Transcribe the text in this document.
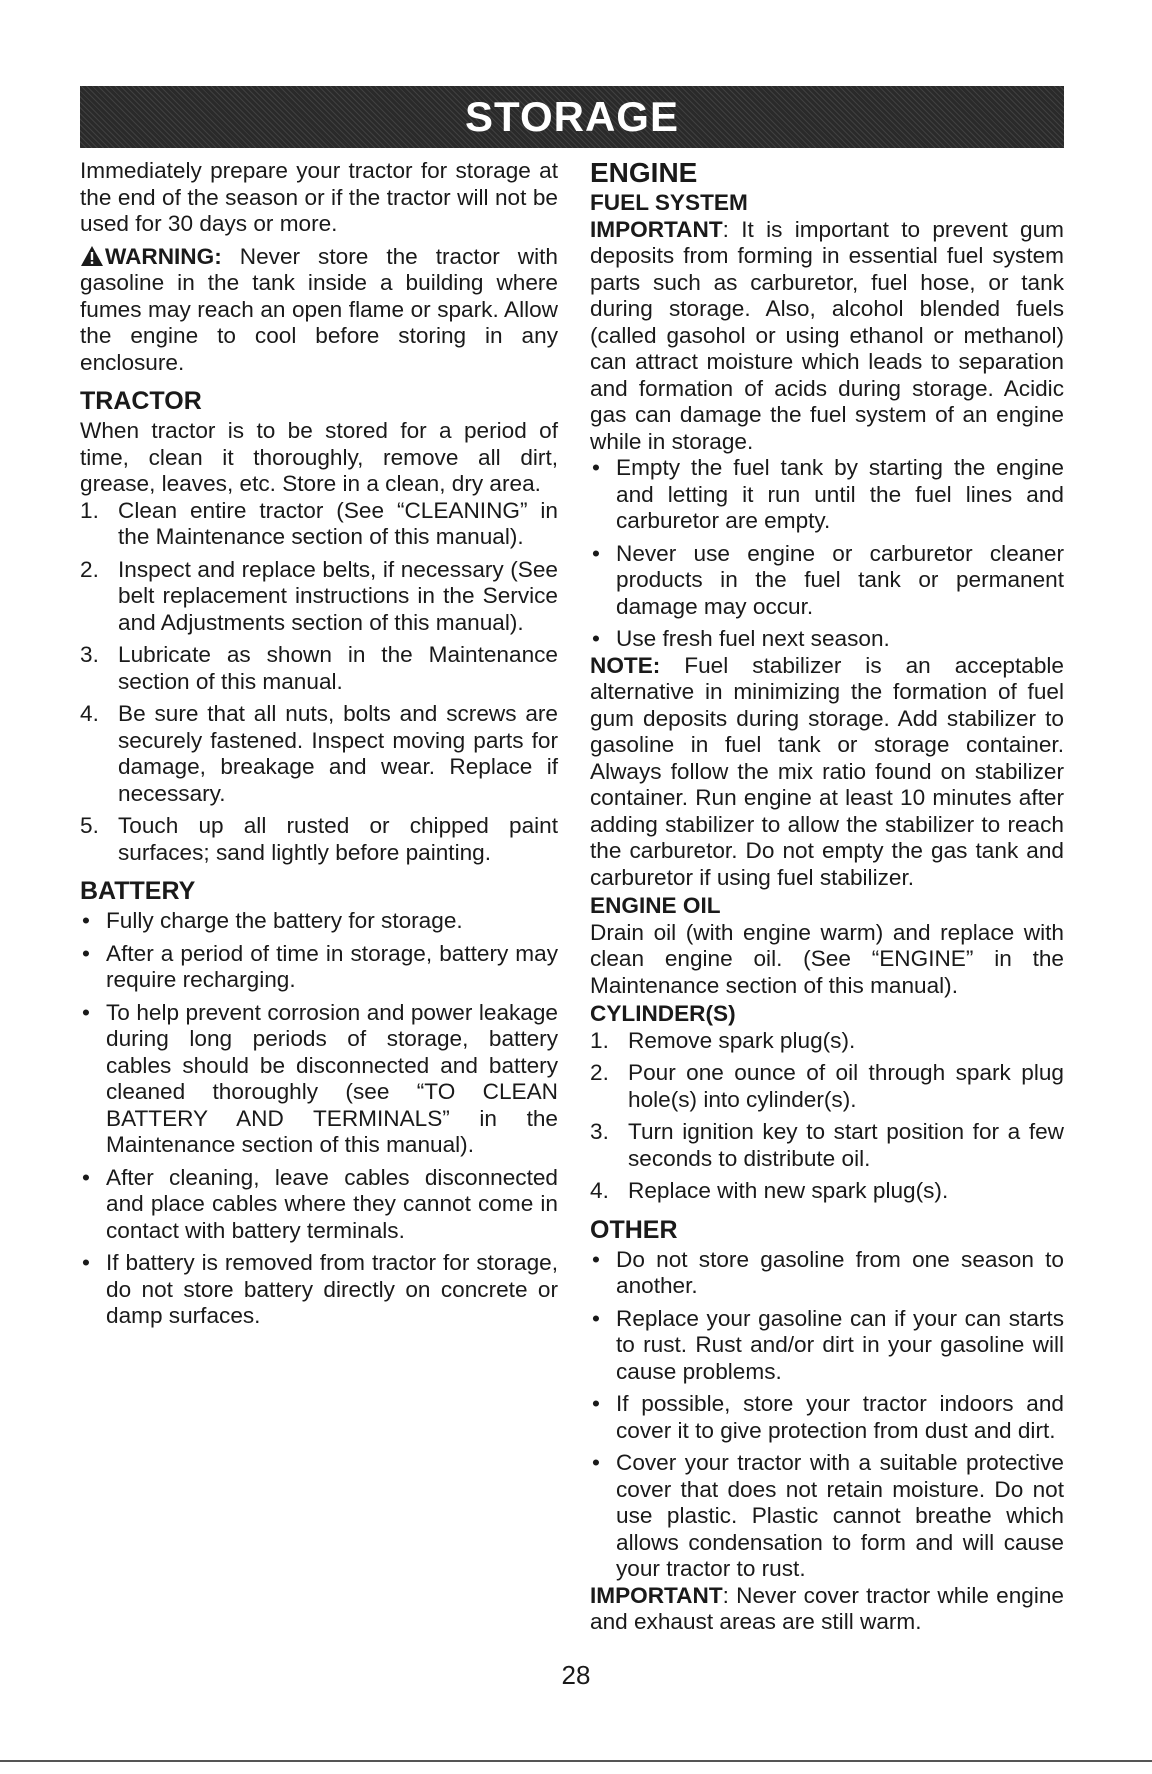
STORAGE

Immediately prepare your tractor for storage at the end of the season or if the tractor will not be used for 30 days or more.

WARNING: Never store the tractor with gasoline in the tank inside a building where fumes may reach an open flame or spark. Allow the engine to cool before storing in any enclosure.

TRACTOR

When tractor is to be stored for a period of time, clean it thoroughly, remove all dirt, grease, leaves, etc. Store in a clean, dry area.

1. Clean entire tractor (See “CLEANING” in the Maintenance section of this manual).
2. Inspect and replace belts, if necessary (See belt replacement instructions in the Service and Adjustments section of this manual).
3. Lubricate as shown in the Maintenance section of this manual.
4. Be sure that all nuts, bolts and screws are securely fastened. Inspect moving parts for damage, breakage and wear. Replace if necessary.
5. Touch up all rusted or chipped paint surfaces; sand lightly before painting.
BATTERY
• Fully charge the battery for storage.
• After a period of time in storage, battery may require recharging.
• To help prevent corrosion and power leakage during long periods of storage, battery cables should be disconnected and battery cleaned thoroughly (see “TO CLEAN BATTERY AND TERMINALS” in the Maintenance section of this manual).
• After cleaning, leave cables disconnected and place cables where they cannot come in contact with battery terminals.
• If battery is removed from tractor for storage, do not store battery directly on concrete or damp surfaces.
ENGINE
FUEL SYSTEM

IMPORTANT: It is important to prevent gum deposits from forming in essential fuel system parts such as carburetor, fuel hose, or tank during storage. Also, alcohol blended fuels (called gasohol or using ethanol or methanol) can attract moisture which leads to separation and formation of acids during storage. Acidic gas can damage the fuel system of an engine while in storage.

• Empty the fuel tank by starting the engine and letting it run until the fuel lines and carburetor are empty.
• Never use engine or carburetor cleaner products in the fuel tank or permanent damage may occur.
• Use fresh fuel next season.

NOTE: Fuel stabilizer is an acceptable alternative in minimizing the formation of fuel gum deposits during storage. Add stabilizer to gasoline in fuel tank or storage container. Always follow the mix ratio found on stabilizer container. Run engine at least 10 minutes after adding stabilizer to allow the stabilizer to reach the carburetor. Do not empty the gas tank and carburetor if using fuel stabilizer.

ENGINE OIL

Drain oil (with engine warm) and replace with clean engine oil. (See “ENGINE” in the Maintenance section of this manual).

CYLINDER(S)
1. Remove spark plug(s).
2. Pour one ounce of oil through spark plug hole(s) into cylinder(s).
3. Turn ignition key to start position for a few seconds to distribute oil.
4. Replace with new spark plug(s).
OTHER
• Do not store gasoline from one season to another.
• Replace your gasoline can if your can starts to rust. Rust and/or dirt in your gasoline will cause problems.
• If possible, store your tractor indoors and cover it to give protection from dust and dirt.
• Cover your tractor with a suitable protective cover that does not retain moisture. Do not use plastic. Plastic cannot breathe which allows condensation to form and will cause your tractor to rust.

IMPORTANT: Never cover tractor while engine and exhaust areas are still warm.

28
